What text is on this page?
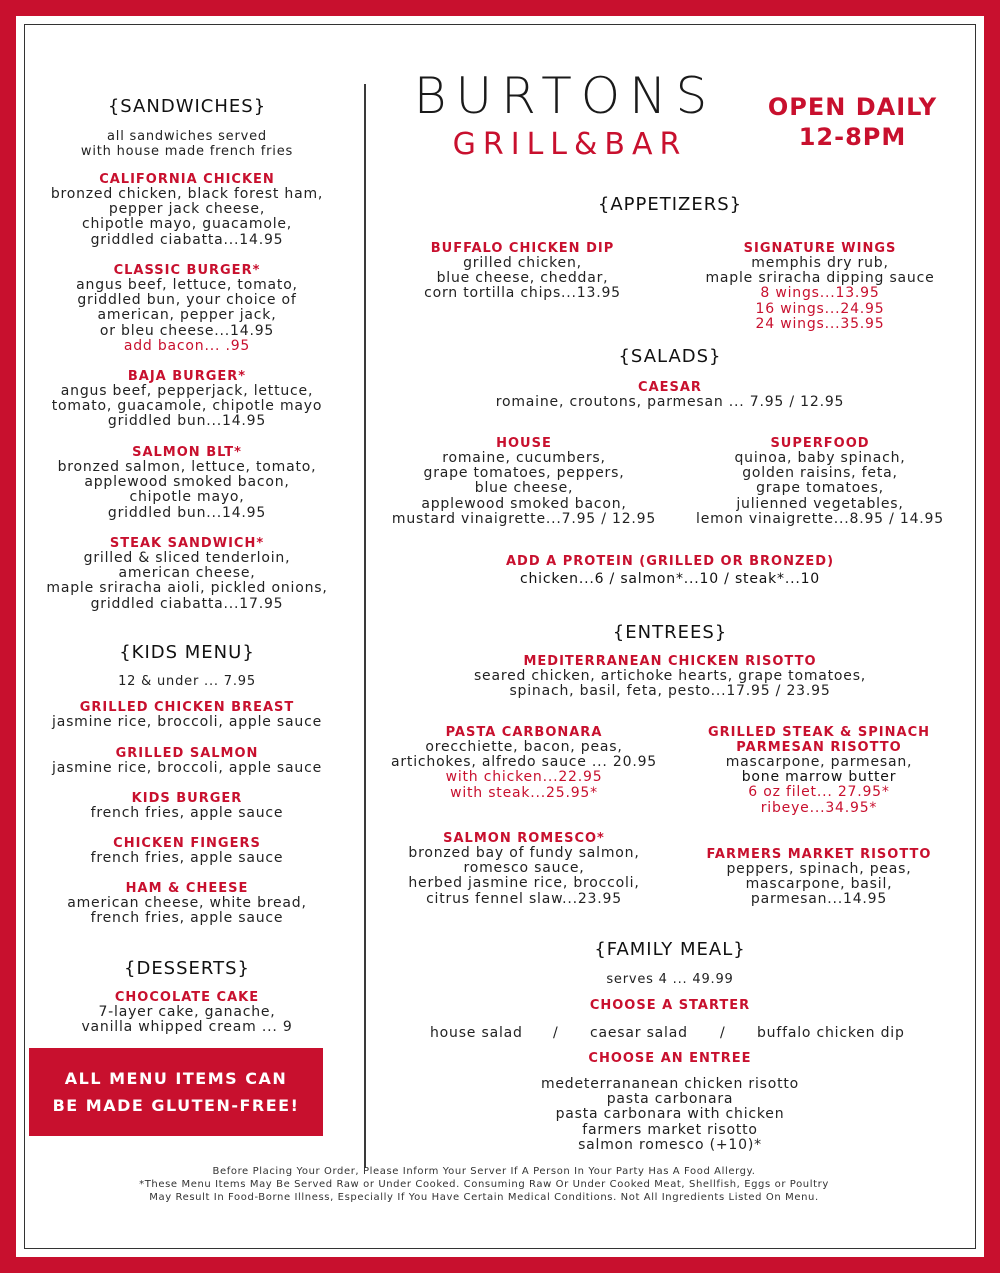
BURTONS
GRILL&BAR
OPEN DAILY
12-8PM
{SANDWICHES}
all sandwiches served
with house made french fries
CALIFORNIA CHICKEN
bronzed chicken, black forest ham,
pepper jack cheese,
chipotle mayo, guacamole,
griddled ciabatta...14.95
CLASSIC BURGER*
angus beef, lettuce, tomato,
griddled bun, your choice of
american, pepper jack,
or bleu cheese...14.95
add bacon... .95
BAJA BURGER*
angus beef, pepperjack, lettuce,
tomato, guacamole, chipotle mayo
griddled bun...14.95
SALMON BLT*
bronzed salmon, lettuce, tomato,
applewood smoked bacon,
chipotle mayo,
griddled bun...14.95
STEAK SANDWICH*
grilled & sliced tenderloin,
american cheese,
maple sriracha aioli, pickled onions,
griddled ciabatta...17.95
{KIDS MENU}
12 & under ... 7.95
GRILLED CHICKEN BREAST
jasmine rice, broccoli, apple sauce
GRILLED SALMON
jasmine rice, broccoli, apple sauce
KIDS BURGER
french fries, apple sauce
CHICKEN FINGERS
french fries, apple sauce
HAM & CHEESE
american cheese, white bread,
french fries, apple sauce
{DESSERTS}
CHOCOLATE CAKE
7-layer cake, ganache,
vanilla whipped cream ... 9
ALL MENU ITEMS CAN
BE MADE GLUTEN-FREE!
{APPETIZERS}
BUFFALO CHICKEN DIP
grilled chicken,
blue cheese, cheddar,
corn tortilla chips...13.95
SIGNATURE WINGS
memphis dry rub,
maple sriracha dipping sauce
8 wings...13.95
16 wings...24.95
24 wings...35.95
{SALADS}
CAESAR
romaine, croutons, parmesan ... 7.95 / 12.95
HOUSE
romaine, cucumbers,
grape tomatoes, peppers,
blue cheese,
applewood smoked bacon,
mustard vinaigrette...7.95 / 12.95
SUPERFOOD
quinoa, baby spinach,
golden raisins, feta,
grape tomatoes,
julienned vegetables,
lemon vinaigrette...8.95 / 14.95
ADD A PROTEIN (GRILLED OR BRONZED)
chicken...6 / salmon*...10 / steak*...10
{ENTREES}
MEDITERRANEAN CHICKEN RISOTTO
seared chicken, artichoke hearts, grape tomatoes,
spinach, basil, feta, pesto...17.95 / 23.95
PASTA CARBONARA
orecchiette, bacon, peas,
artichokes, alfredo sauce ... 20.95
with chicken...22.95
with steak...25.95*
GRILLED STEAK & SPINACH
PARMESAN RISOTTO
mascarpone, parmesan,
bone marrow butter
6 oz filet... 27.95*
ribeye...34.95*
SALMON ROMESCO*
bronzed bay of fundy salmon,
romesco sauce,
herbed jasmine rice, broccoli,
citrus fennel slaw...23.95
FARMERS MARKET RISOTTO
peppers, spinach, peas,
mascarpone, basil,
parmesan...14.95
{FAMILY MEAL}
serves 4 ... 49.99
CHOOSE A STARTER
house salad / caesar salad / buffalo chicken dip
CHOOSE AN ENTREE
medeterrananean chicken risotto
pasta carbonara
pasta carbonara with chicken
farmers market risotto
salmon romesco (+10)*
Before Placing Your Order, Please Inform Your Server If A Person In Your Party Has A Food Allergy.
*These Menu Items May Be Served Raw or Under Cooked. Consuming Raw Or Under Cooked Meat, Shellfish, Eggs or Poultry
May Result In Food-Borne Illness, Especially If You Have Certain Medical Conditions. Not All Ingredients Listed On Menu.
